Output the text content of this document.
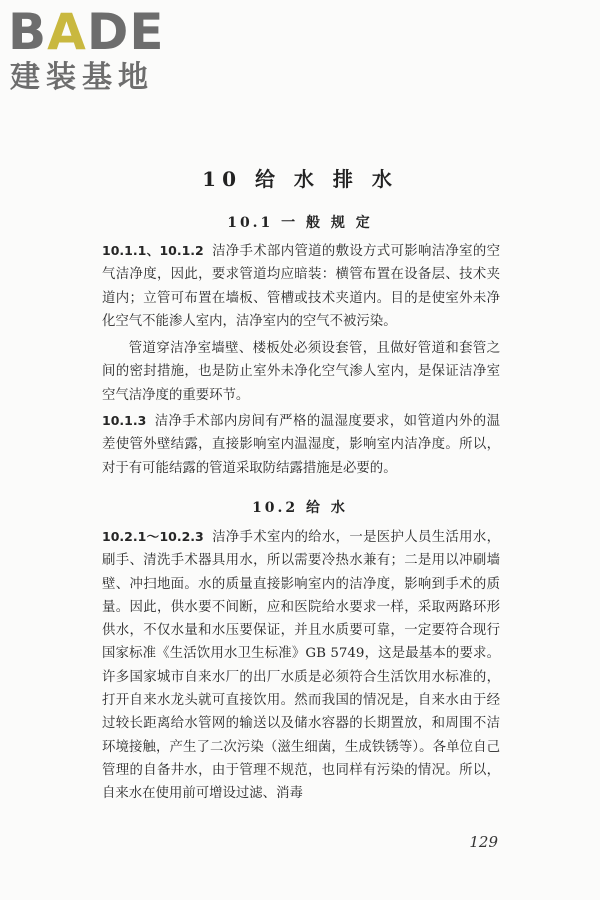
BADE
建装基地
10 给 水 排 水
10.1 一 般 规 定

10.1.1、10.1.2 洁净手术部内管道的敷设方式可影响洁净室的空气洁净度，因此，要求管道均应暗装：横管布置在设备层、技术夹道内；立管可布置在墙板、管槽或技术夹道内。目的是使室外未净化空气不能渗人室内，洁净室内的空气不被污染。

管道穿洁净室墙壁、楼板处必须设套管，且做好管道和套管之间的密封措施，也是防止室外未净化空气渗人室内，是保证洁净室空气洁净度的重要环节。

10.1.3 洁净手术部内房间有严格的温湿度要求，如管道内外的温差使管外壁结露，直接影响室内温湿度，影响室内洁净度。所以，对于有可能结露的管道采取防结露措施是必要的。

10.2 给 水

10.2.1～10.2.3 洁净手术室内的给水，一是医护人员生活用水，刷手、清洗手术器具用水，所以需要冷热水兼有；二是用以冲刷墙壁、冲扫地面。水的质量直接影响室内的洁净度，影响到手术的质量。因此，供水要不间断，应和医院给水要求一样，采取两路环形供水，不仅水量和水压要保证，并且水质要可靠，一定要符合现行国家标准《生活饮用水卫生标准》GB 5749，这是最基本的要求。许多国家城市自来水厂的出厂水质是必须符合生活饮用水标准的，打开自来水龙头就可直接饮用。然而我国的情况是，自来水由于经过较长距离给水管网的输送以及储水容器的长期置放，和周围不洁环境接触，产生了二次污染（滋生细菌，生成铁锈等）。各单位自己管理的自备井水，由于管理不规范，也同样有污染的情况。所以，自来水在使用前可增设过滤、消毒

129
